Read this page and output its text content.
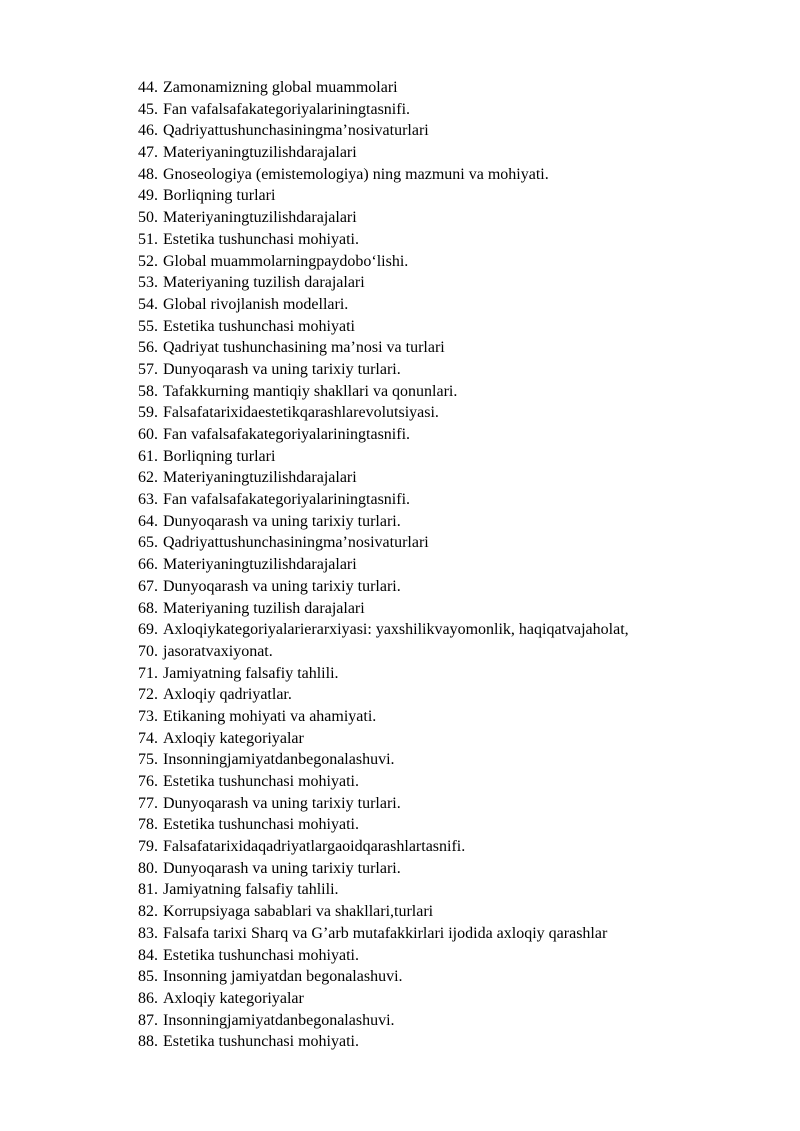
44. Zamonamizning global muammolari
45. Fan vafalsafakategoriyalariningtasnifi.
46. Qadriyattushunchasiningma’nosivaturlari
47. Materiyaningtuzilishdarajalari
48. Gnoseologiya (emistemologiya) ning mazmuni va mohiyati.
49. Borliqning turlari
50. Materiyaningtuzilishdarajalari
51. Estetika tushunchasi mohiyati.
52. Global muammolarningpaydobo‘lishi.
53. Materiyaning tuzilish darajalari
54. Global rivojlanish modellari.
55. Estetika tushunchasi mohiyati
56. Qadriyat tushunchasining ma’nosi va turlari
57. Dunyoqarash va uning tarixiy turlari.
58. Tafakkurning mantiqiy shakllari va qonunlari.
59. Falsafatarixidaestetikqarashlarevolutsiyasi.
60. Fan vafalsafakategoriyalariningtasnifi.
61. Borliqning turlari
62. Materiyaningtuzilishdarajalari
63. Fan vafalsafakategoriyalariningtasnifi.
64. Dunyoqarash va uning tarixiy turlari.
65. Qadriyattushunchasiningma’nosivaturlari
66. Materiyaningtuzilishdarajalari
67. Dunyoqarash va uning tarixiy turlari.
68. Materiyaning tuzilish darajalari
69. Axloqiykategoriyalarierarxiyasi: yaxshilikvayomonlik, haqiqatvajaholat,
70. jasoratvaxiyonat.
71. Jamiyatning falsafiy tahlili.
72. Axloqiy qadriyatlar.
73. Etikaning mohiyati va ahamiyati.
74. Axloqiy kategoriyalar
75. Insonningjamiyatdanbegonalashuvi.
76. Estetika tushunchasi mohiyati.
77. Dunyoqarash va uning tarixiy turlari.
78. Estetika tushunchasi mohiyati.
79. Falsafatarixidaqadriyatlargaoidqarashlartasnifi.
80. Dunyoqarash va uning tarixiy turlari.
81. Jamiyatning falsafiy tahlili.
82. Korrupsiyaga sabablari va shakllari,turlari
83. Falsafa tarixi Sharq va G’arb mutafakkirlari ijodida axloqiy qarashlar
84. Estetika tushunchasi mohiyati.
85. Insonning jamiyatdan begonalashuvi.
86. Axloqiy kategoriyalar
87. Insonningjamiyatdanbegonalashuvi.
88. Estetika tushunchasi mohiyati.
